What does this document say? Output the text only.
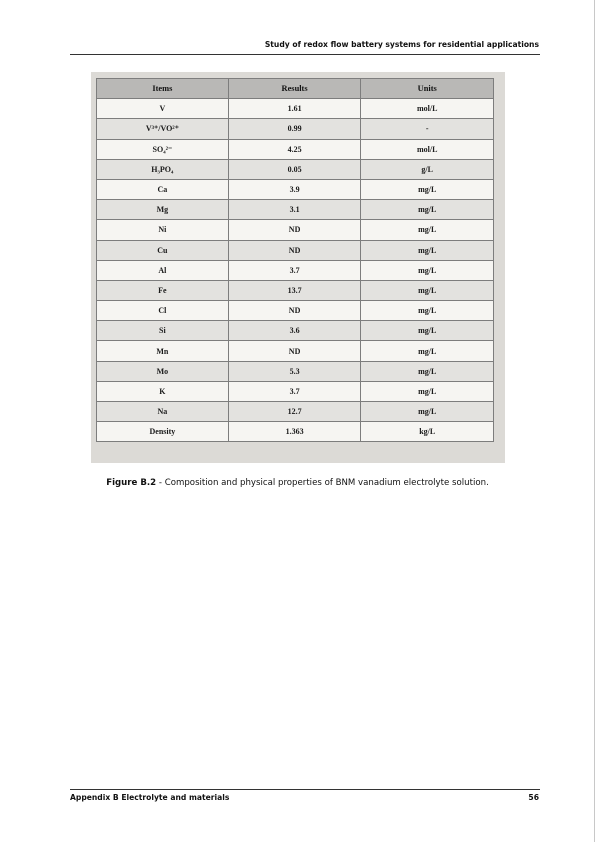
Study of redox flow battery systems for residential applications
Items	Results	Units
V	1.61	mol/L
V³⁺/VO²⁺	0.99	-
SO₄²⁻	4.25	mol/L
H₃PO₄	0.05	g/L
Ca	3.9	mg/L
Mg	3.1	mg/L
Ni	ND	mg/L
Cu	ND	mg/L
Al	3.7	mg/L
Fe	13.7	mg/L
Cl	ND	mg/L
Si	3.6	mg/L
Mn	ND	mg/L
Mo	5.3	mg/L
K	3.7	mg/L
Na	12.7	mg/L
Density	1.363	kg/L
Figure B.2 - Composition and physical properties of BNM vanadium electrolyte solution.
Appendix B Electrolyte and materials	56
